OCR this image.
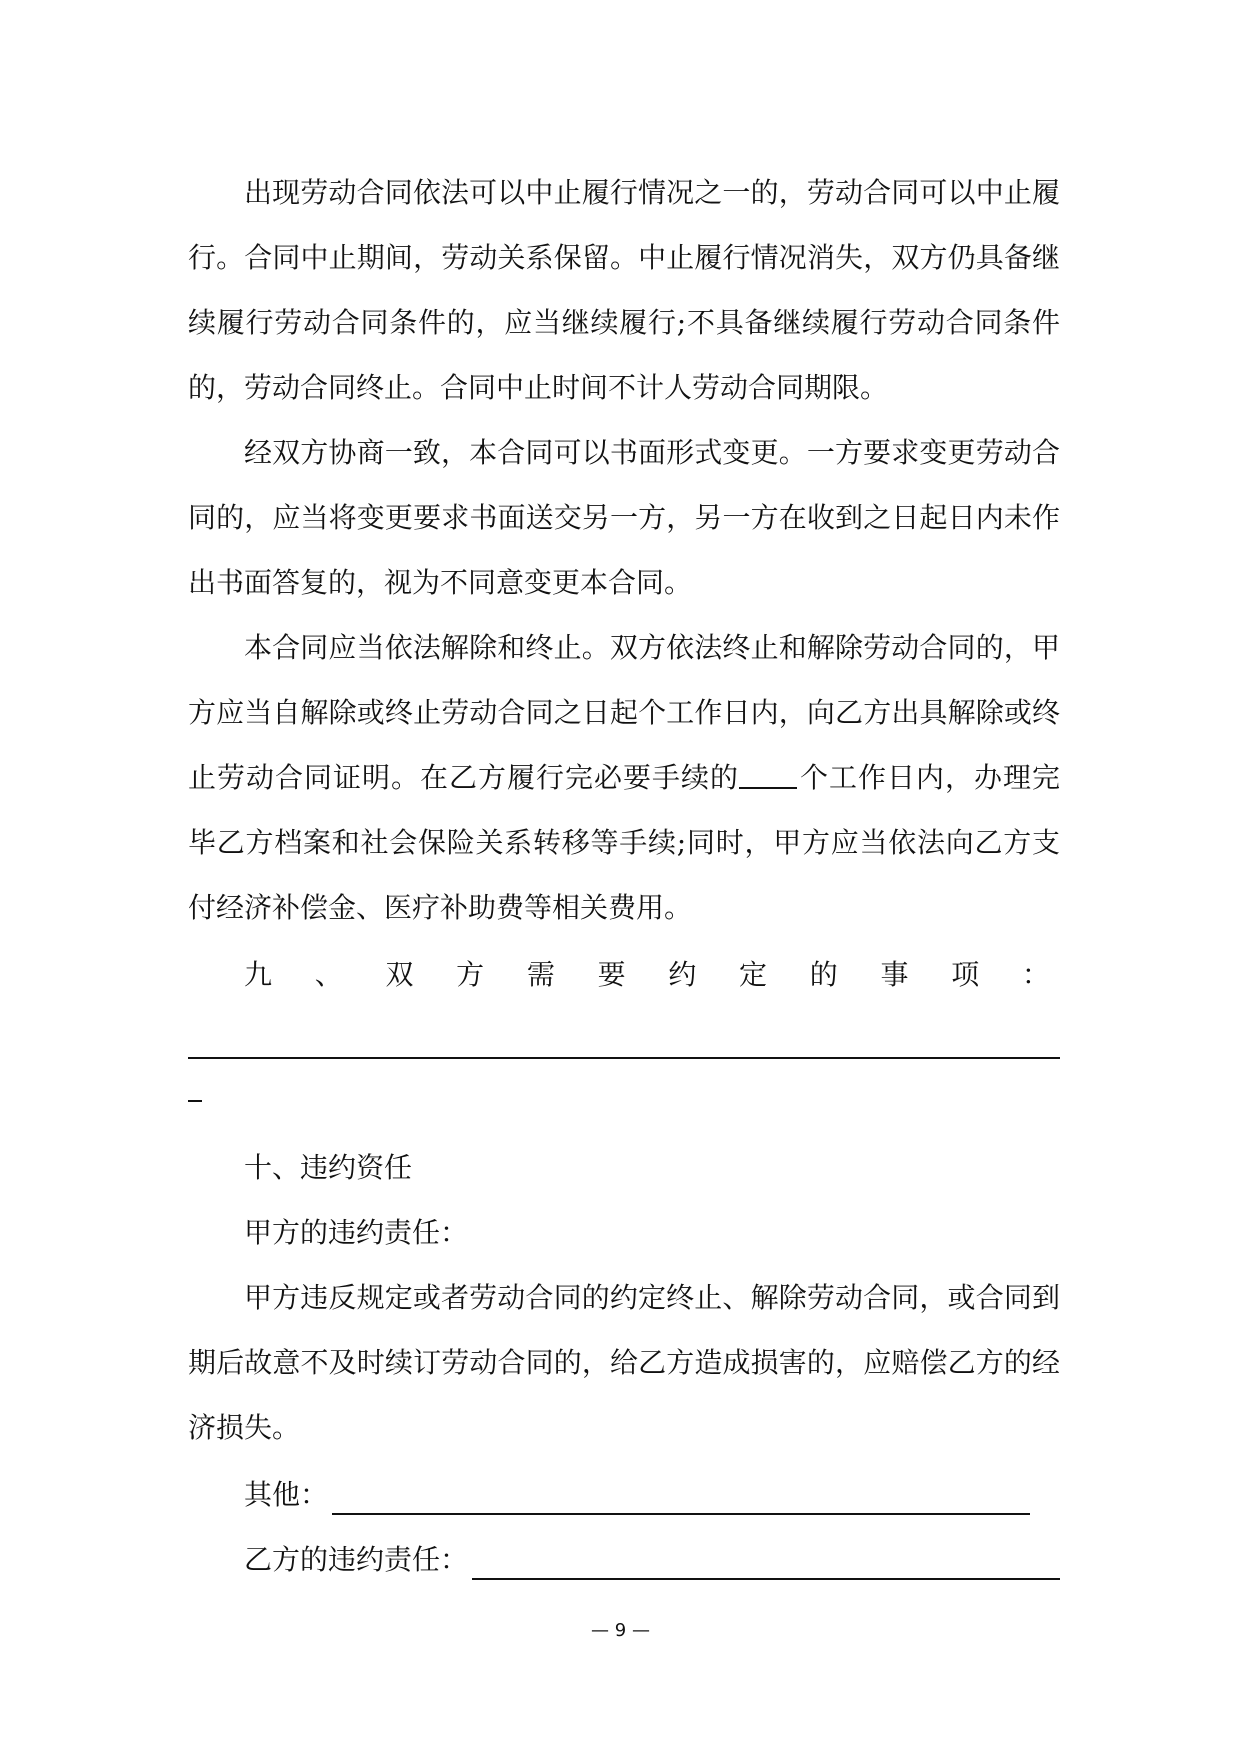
出现劳动合同依法可以中止履行情况之一的，劳动合同可以中止履行。合同中止期间，劳动关系保留。中止履行情况消失，双方仍具备继续履行劳动合同条件的，应当继续履行;不具备继续履行劳动合同条件的，劳动合同终止。合同中止时间不计人劳动合同期限。

经双方协商一致，本合同可以书面形式变更。一方要求变更劳动合同的，应当将变更要求书面送交另一方，另一方在收到之日起日内未作出书面答复的，视为不同意变更本合同。

本合同应当依法解除和终止。双方依法终止和解除劳动合同的，甲方应当自解除或终止劳动合同之日起个工作日内，向乙方出具解除或终止劳动合同证明。在乙方履行完必要手续的 个工作日内，办理完毕乙方档案和社会保险关系转移等手续;同时，甲方应当依法向乙方支付经济补偿金、医疗补助费等相关费用。

九 、 双 方 需 要 约 定 的 事 项 ：

十、违约资任

甲方的违约责任：

甲方违反规定或者劳动合同的约定终止、解除劳动合同，或合同到期后故意不及时续订劳动合同的，给乙方造成损害的，应赔偿乙方的经济损失。

其他：
乙方的违约责任：
— 9 —
